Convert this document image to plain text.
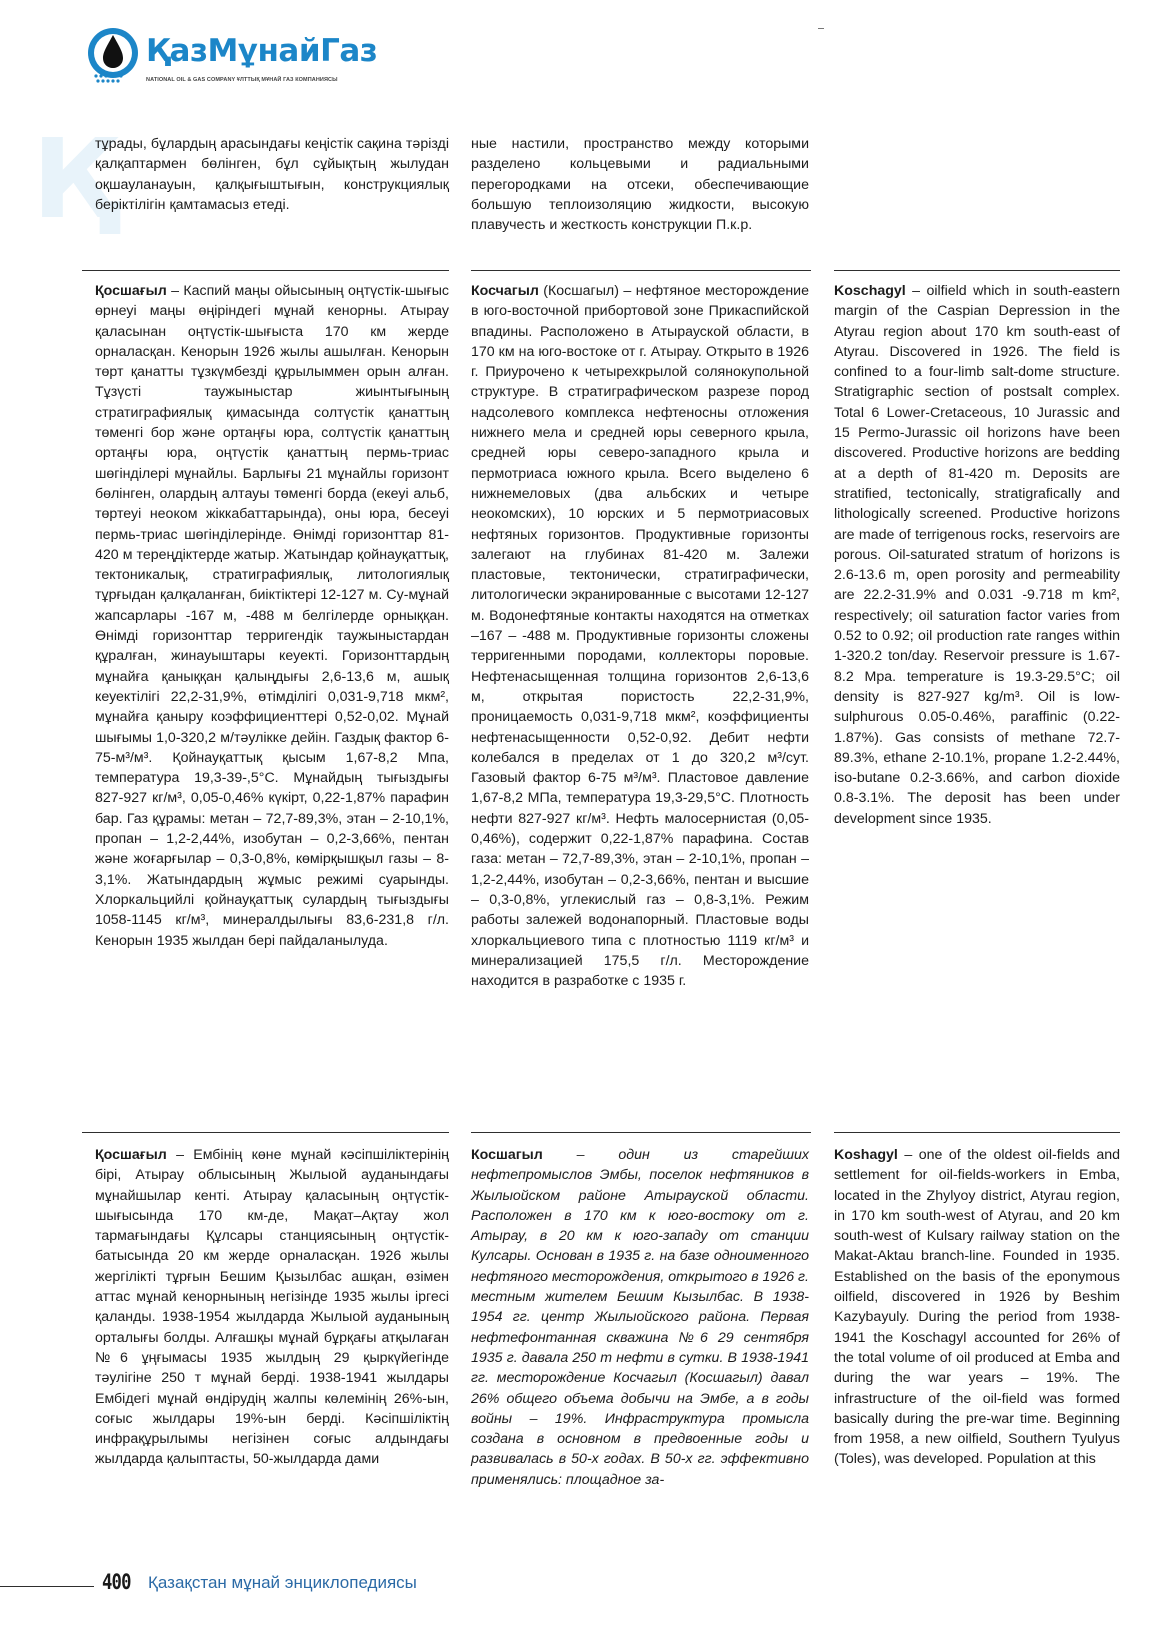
ҚазМұнайГаз
NATIONAL OIL & GAS COMPANY ҰЛТТЫҚ МҰНАЙ ГАЗ КОМПАНИЯСЫ
Қ

тұрады, бұлардың арасындағы кеңістік сақина тәрізді қалқаптармен бөлінген, бұл сұйықтың жылудан оқшауланауын, қалқығыштығын, конструкциялық беріктілігін қамтамасыз етеді.

ные настили, пространство между которыми разделено кольцевыми и радиальными перегородками на отсеки, обеспечивающие большую теплоизоляцию жидкости, высокую плавучесть и жесткость конструкции П.к.р.

Қосшағыл – Каспий маңы ойысының оңтүстік-шығыс өрнеуі маңы өңіріндегі мұнай кенорны. Атырау қаласынан оңтүстік-шығыста 170 км жерде орналасқан. Кенорын 1926 жылы ашылған. Кенорын төрт қанатты тұзкүмбезді құрылыммен орын алған. Тұзүсті таужыныстар жиынтығының стратиграфиялық қимасында солтүстік қанаттың төменгі бор және ортаңғы юра, солтүстік қанаттың ортаңғы юра, оңтүстік қанаттың пермь-триас шөгінділері мұнайлы. Барлығы 21 мұнайлы горизонт бөлінген, олардың алтауы төменгі борда (екеуі альб, төртеуі неоком жіккабаттарында), оны юра, бесеуі пермь-триас шөгінділерінде. Өнімді горизонттар 81-420 м тереңдіктерде жатыр. Жатындар қойнауқаттық, тектоникалық, стратиграфиялық, литологиялық тұрғыдан қалқаланған, биіктіктері 12-127 м. Су-мұнай жапсарлары -167 м, -488 м белгілерде орныққан. Өнімді горизонттар терригендік таужыныстардан құралған, жинауыштары кеуекті. Горизонттардың мұнайға қаныққан қалыңдығы 2,6-13,6 м, ашық кеуектілігі 22,2-31,9%, өтімділігі 0,031-9,718 мкм², мұнайға қаныру коэффициенттері 0,52-0,02. Мұнай шығымы 1,0-320,2 м/тәулікке дейін. Газдық фактор 6-75-м³/м³. Қойнауқаттық қысым 1,67-8,2 Мпа, температура 19,3-39-,5°С. Мұнайдың тығыздығы 827-927 кг/м³, 0,05-0,46% күкірт, 0,22-1,87% парафин бар. Газ құрамы: метан – 72,7-89,3%, этан – 2-10,1%, пропан – 1,2-2,44%, изобутан – 0,2-3,66%, пентан және жоғарғылар – 0,3-0,8%, көмірқышқыл газы – 8-3,1%. Жатындардың жұмыс режимі суарынды. Хлоркальцийлі қойнауқаттық сулардың тығыздығы 1058-1145 кг/м³, минералдылығы 83,6-231,8 г/л. Кенорын 1935 жылдан бері пайдаланылуда.

Косчагыл (Косшагыл) – нефтяное месторождение в юго-восточной прибортовой зоне Прикаспийской впадины. Расположено в Атырауской области, в 170 км на юго-востоке от г. Атырау. Открыто в 1926 г. Приурочено к четырехкрылой солянокупольной структуре. В стратиграфическом разрезе пород надсолевого комплекса нефтеносны отложения нижнего мела и средней юры северного крыла, средней юры северо-западного крыла и пермотриаса южного крыла. Всего выделено 6 нижнемеловых (два альбских и четыре неокомских), 10 юрских и 5 пермотриасовых нефтяных горизонтов. Продуктивные горизонты залегают на глубинах 81-420 м. Залежи пластовые, тектонически, стратиграфически, литологически экранированные с высотами 12-127 м. Водонефтяные контакты находятся на отметках –167 – -488 м. Продуктивные горизонты сложены терригенными породами, коллекторы поровые. Нефтенасыщенная толщина горизонтов 2,6-13,6 м, открытая пористость 22,2-31,9%, проницаемость 0,031-9,718 мкм², коэффициенты нефтенасыщенности 0,52-0,92. Дебит нефти колебался в пределах от 1 до 320,2 м³/сут. Газовый фактор 6-75 м³/м³. Пластовое давление 1,67-8,2 МПа, температура 19,3-29,5°С. Плотность нефти 827-927 кг/м³. Нефть малосернистая (0,05-0,46%), содержит 0,22-1,87% парафина. Состав газа: метан – 72,7-89,3%, этан – 2-10,1%, пропан – 1,2-2,44%, изобутан – 0,2-3,66%, пентан и высшие – 0,3-0,8%, углекислый газ – 0,8-3,1%. Режим работы залежей водонапорный. Пластовые воды хлоркальциевого типа с плотностью 1119 кг/м³ и минерализацией 175,5 г/л. Месторождение находится в разработке с 1935 г.

Koschagyl – oilfield which in south-eastern margin of the Caspian Depression in the Atyrau region about 170 km south-east of Atyrau. Discovered in 1926. The field is confined to a four-limb salt-dome structure. Stratigraphic section of postsalt complex. Total 6 Lower-Cretaceous, 10 Jurassic and 15 Permo-Jurassic oil horizons have been discovered. Productive horizons are bedding at a depth of 81-420 m. Deposits are stratified, tectonically, stratigrafically and lithologically screened. Productive horizons are made of terrigenous rocks, reservoirs are porous. Oil-saturated stratum of horizons is 2.6-13.6 m, open porosity and permeability are 22.2-31.9% and 0.031 -9.718 m km², respectively; oil saturation factor varies from 0.52 to 0.92; oil production rate ranges within 1-320.2 ton/day. Reservoir pressure is 1.67-8.2 Mpa. temperature is 19.3-29.5°C; oil density is 827-927 kg/m³. Oil is low-sulphurous 0.05-0.46%, paraffinic (0.22-1.87%). Gas consists of methane 72.7-89.3%, ethane 2-10.1%, propane 1.2-2.44%, iso-butane 0.2-3.66%, and carbon dioxide 0.8-3.1%. The deposit has been under development since 1935.

Қосшағыл – Ембінің көне мұнай кәсіпшіліктерінің бірі, Атырау облысының Жылыой ауданындағы мұнайшылар кенті. Атырау қаласының оңтүстік-шығысында 170 км-де, Мақат–Ақтау жол тармағындағы Құлсары станциясының оңтүстік-батысында 20 км жерде орналасқан. 1926 жылы жергілікті тұрғын Бешим Қызылбас ашқан, өзімен аттас мұнай кенорнының негізінде 1935 жылы іргесі қаланды. 1938-1954 жылдарда Жылыой ауданының орталығы болды. Алғашқы мұнай бұрқағы атқылаған №6 ұңғымасы 1935 жылдың 29 қыркүйегінде тәулігіне 250 т мұнай берді. 1938-1941 жылдары Ембідегі мұнай өндірудің жалпы көлемінің 26%-ын, соғыс жылдары 19%-ын берді. Кәсіпшіліктің инфрақұрылымы негізінен соғыс алдындағы жылдарда қалыптасты, 50-жылдарда дами

Косшагыл – один из старейших нефтепромыслов Эмбы, поселок нефтяников в Жылыойском районе Атырауской области. Расположен в 170 км к юго-востоку от г. Атырау, в 20 км к юго-западу от станции Кулсары. Основан в 1935 г. на базе одноименного нефтяного месторождения, открытого в 1926 г. местным жителем Бешим Кызылбас. В 1938-1954 гг. центр Жылыойского района. Первая нефтефонтанная скважина №6 29 сентября 1935 г. давала 250 т нефти в сутки. В 1938-1941 гг. месторождение Косчагыл (Косшагыл) давал 26% общего объема добычи на Эмбе, а в годы войны – 19%. Инфраструктура промысла создана в основном в предвоенные годы и развивалась в 50-х годах. В 50-х гг. эффективно применялись: площадное за-

Koshagyl – one of the oldest oil-fields and settlement for oil-fields-workers in Emba, located in the Zhylyoy district, Atyrau region, in 170 km south-west of Atyrau, and 20 km south-west of Kulsary railway station on the Makat-Aktau branch-line. Founded in 1935. Established on the basis of the eponymous oilfield, discovered in 1926 by Beshim Kazybayuly. During the period from 1938-1941 the Koschagyl accounted for 26% of the total volume of oil produced at Emba and during the war years – 19%. The infrastructure of the oil-field was formed basically during the pre-war time. Beginning from 1958, a new oilfield, Southern Tyulyus (Toles), was developed. Population at this

400 Қазақстан мұнай энциклопедиясы
